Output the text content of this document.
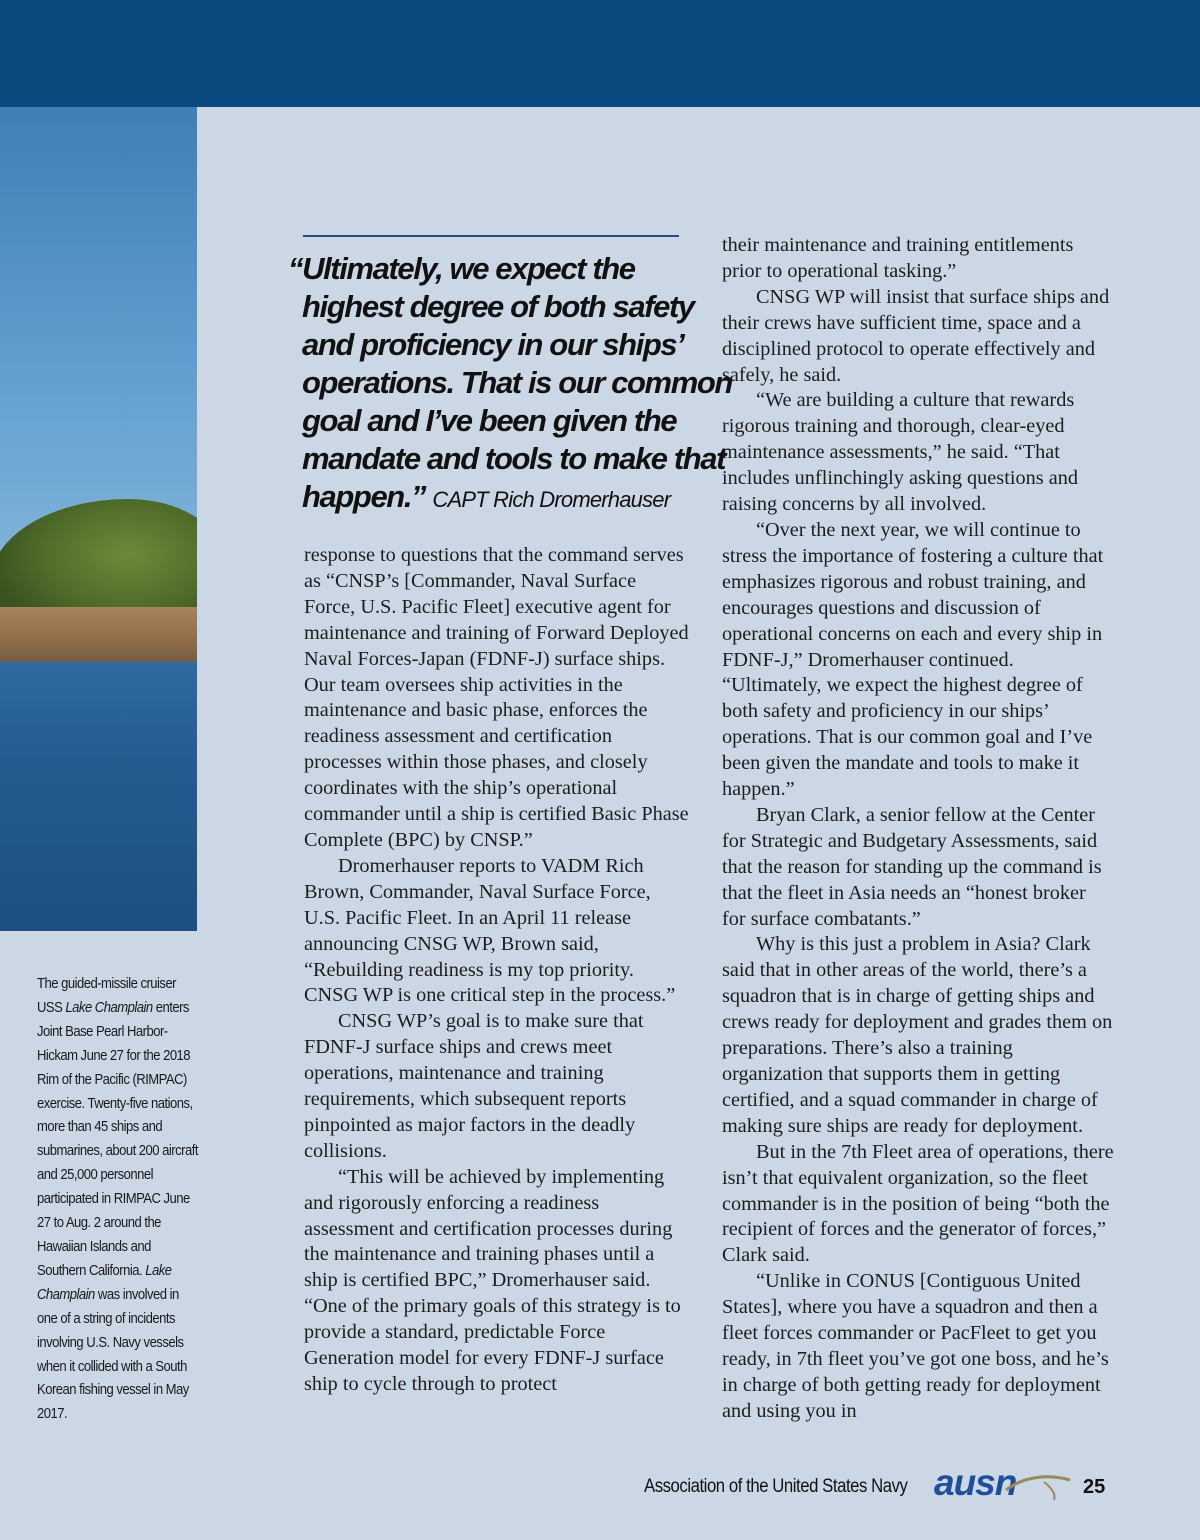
The guided-missile cruiser USS Lake Champlain enters Joint Base Pearl Harbor-Hickam June 27 for the 2018 Rim of the Pacific (RIMPAC) exercise. Twenty-five nations, more than 45 ships and submarines, about 200 aircraft and 25,000 personnel participated in RIMPAC June 27 to Aug. 2 around the Hawaiian Islands and Southern California. Lake Champlain was involved in one of a string of incidents involving U.S. Navy vessels when it collided with a South Korean fishing vessel in May 2017.
“Ultimately, we expect the
highest degree of both safety
and proficiency in our ships’
operations. That is our common
goal and I’ve been given the
mandate and tools to make that
happen.” CAPT Rich Dromerhauser

response to questions that the command serves as “CNSP’s [Commander, Naval Surface Force, U.S. Pacific Fleet] executive agent for maintenance and training of Forward Deployed Naval Forces-Japan (FDNF-J) surface ships. Our team oversees ship activities in the maintenance and basic phase, enforces the readiness assessment and certification processes within those phases, and closely coordinates with the ship’s operational commander until a ship is certified Basic Phase Complete (BPC) by CNSP.”

Dromerhauser reports to VADM Rich Brown, Commander, Naval Surface Force, U.S. Pacific Fleet. In an April 11 release announcing CNSG WP, Brown said, “Rebuilding readiness is my top priority. CNSG WP is one critical step in the process.”

CNSG WP’s goal is to make sure that FDNF-J surface ships and crews meet operations, maintenance and training requirements, which subsequent reports pinpointed as major factors in the deadly collisions.

“This will be achieved by implementing and rigorously enforcing a readiness assessment and certification processes during the maintenance and training phases until a ship is certified BPC,” Dromerhauser said. “One of the primary goals of this strategy is to provide a standard, predictable Force Generation model for every FDNF-J surface ship to cycle through to protect

their maintenance and training entitlements prior to operational tasking.”

CNSG WP will insist that surface ships and their crews have sufficient time, space and a disciplined protocol to operate effectively and safely, he said.

“We are building a culture that rewards rigorous training and thorough, clear-eyed maintenance assessments,” he said. “That includes unflinchingly asking questions and raising concerns by all involved.

“Over the next year, we will continue to stress the importance of fostering a culture that emphasizes rigorous and robust training, and encourages questions and discussion of operational concerns on each and every ship in FDNF-J,” Dromerhauser continued. “Ultimately, we expect the highest degree of both safety and proficiency in our ships’ operations. That is our common goal and I’ve been given the mandate and tools to make it happen.”

Bryan Clark, a senior fellow at the Center for Strategic and Budgetary Assessments, said that the reason for standing up the command is that the fleet in Asia needs an “honest broker for surface combatants.”

Why is this just a problem in Asia? Clark said that in other areas of the world, there’s a squadron that is in charge of getting ships and crews ready for deployment and grades them on preparations. There’s also a training organization that supports them in getting certified, and a squad commander in charge of making sure ships are ready for deployment.

But in the 7th Fleet area of operations, there isn’t that equivalent organization, so the fleet commander is in the position of being “both the recipient of forces and the generator of forces,” Clark said.

“Unlike in CONUS [Contiguous United States], where you have a squadron and then a fleet forces commander or PacFleet to get you ready, in 7th fleet you’ve got one boss, and he’s in charge of both getting ready for deployment and using you in

Association of the United States Navy ausn	25
